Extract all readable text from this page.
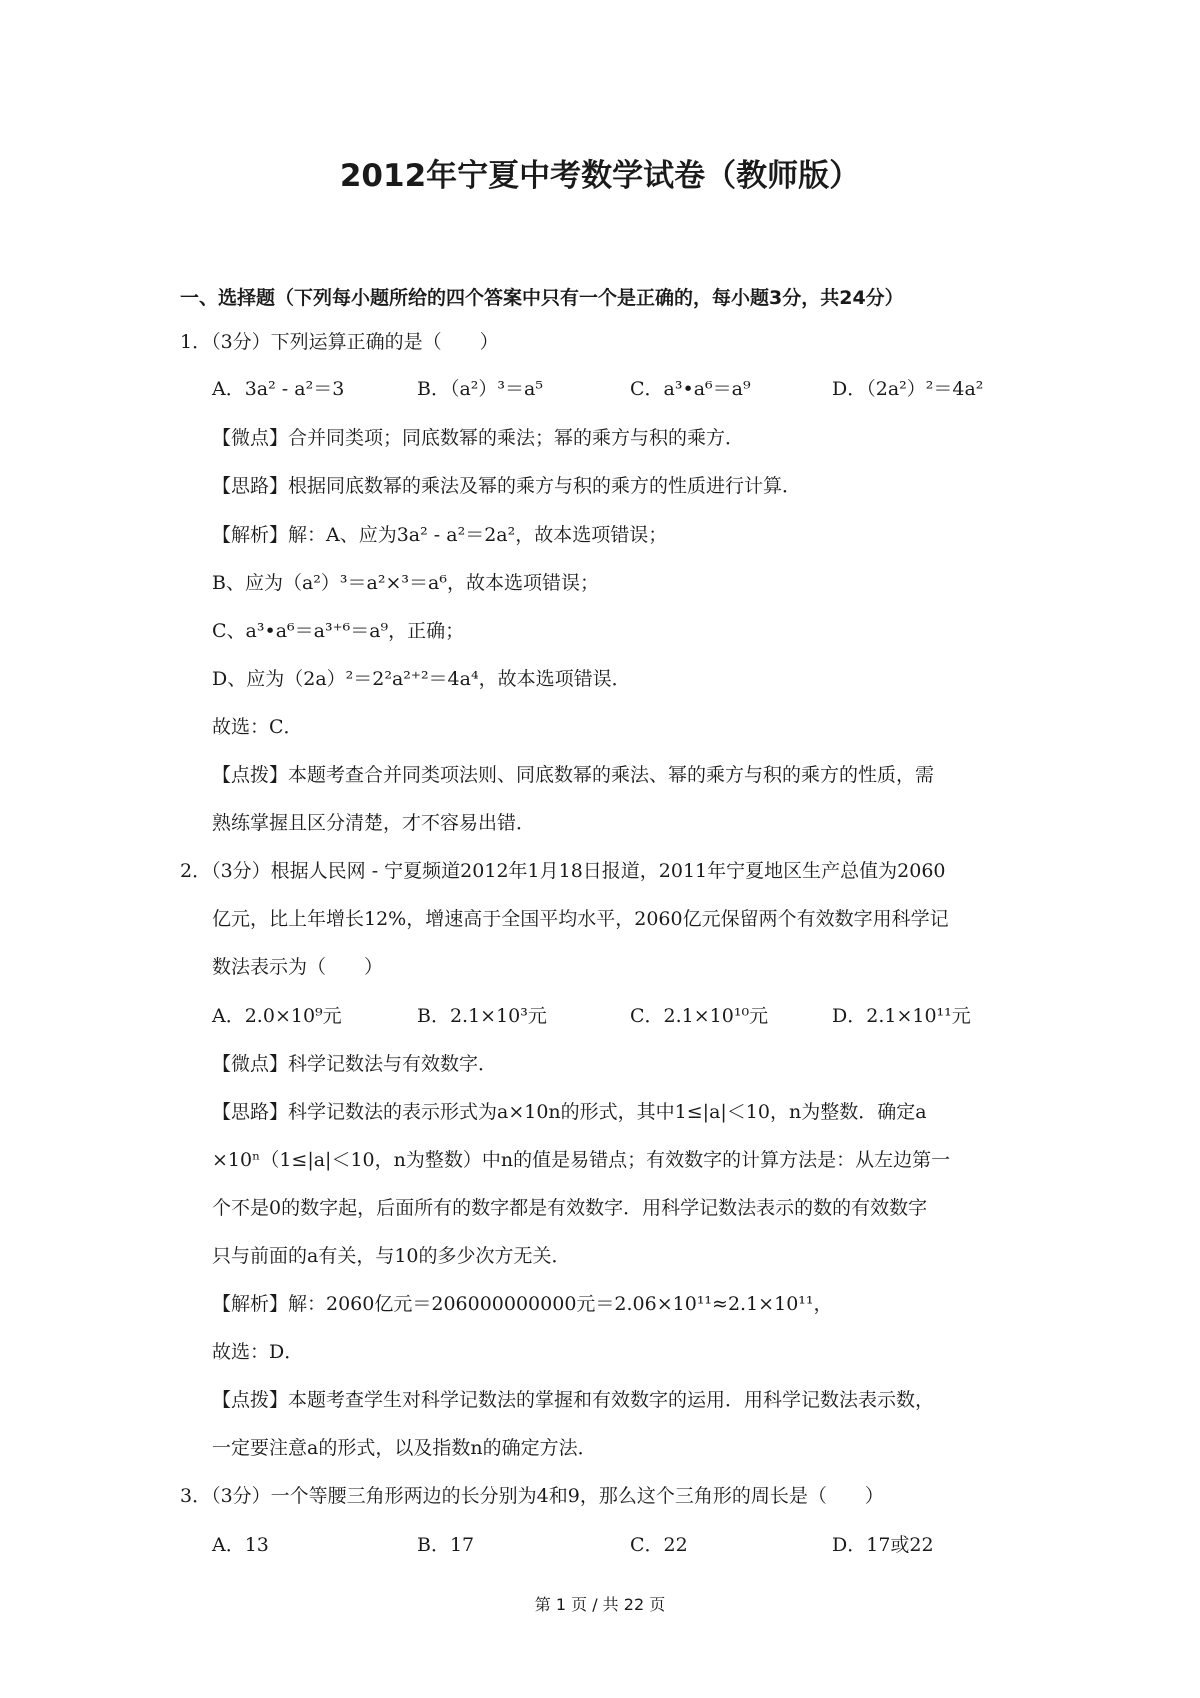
2012年宁夏中考数学试卷（教师版）
一、选择题（下列每小题所给的四个答案中只有一个是正确的，每小题3分，共24分）
1．（3分）下列运算正确的是（　　）
A．3a² - a²＝3	B．（a²）³＝a⁵	C．a³•a⁶＝a⁹	D．（2a²）²＝4a²
【微点】合并同类项；同底数幂的乘法；幂的乘方与积的乘方．
【思路】根据同底数幂的乘法及幂的乘方与积的乘方的性质进行计算．
【解析】解：A、应为3a² - a²＝2a²，故本选项错误；
B、应为（a²）³＝a²×³＝a⁶，故本选项错误；
C、a³•a⁶＝a³⁺⁶＝a⁹，正确；
D、应为（2a）²＝2²a²⁺²＝4a⁴，故本选项错误．
故选：C．
【点拨】本题考查合并同类项法则、同底数幂的乘法、幂的乘方与积的乘方的性质，需
熟练掌握且区分清楚，才不容易出错．
2．（3分）根据人民网 - 宁夏频道2012年1月18日报道，2011年宁夏地区生产总值为2060
亿元，比上年增长12%，增速高于全国平均水平，2060亿元保留两个有效数字用科学记
数法表示为（　　）
A．2.0×10⁹元	B．2.1×10³元	C．2.1×10¹⁰元	D．2.1×10¹¹元
【微点】科学记数法与有效数字．
【思路】科学记数法的表示形式为a×10n的形式，其中1≤|a|＜10，n为整数．确定a
×10ⁿ（1≤|a|＜10，n为整数）中n的值是易错点；有效数字的计算方法是：从左边第一
个不是0的数字起，后面所有的数字都是有效数字．用科学记数法表示的数的有效数字
只与前面的a有关，与10的多少次方无关．
【解析】解：2060亿元＝206000000000元＝2.06×10¹¹≈2.1×10¹¹，
故选：D．
【点拨】本题考查学生对科学记数法的掌握和有效数字的运用．用科学记数法表示数，
一定要注意a的形式，以及指数n的确定方法．
3．（3分）一个等腰三角形两边的长分别为4和9，那么这个三角形的周长是（　　）
A．13	B．17	C．22	D．17或22
第 1 页 / 共 22 页
